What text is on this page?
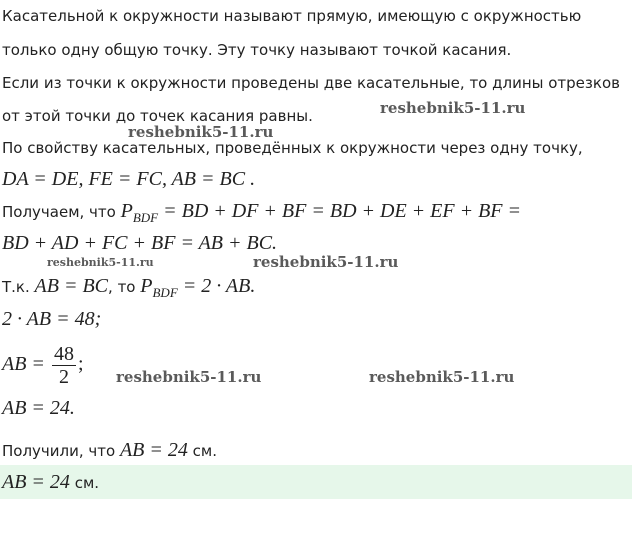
Касательной к окружности называют прямую, имеющую с окружностью
только одну общую точку. Эту точку называют точкой касания.
Если из точки к окружности проведены две касательные, то длины отрезков
от этой точки до точек касания равны.
По свойству касательных, проведённых к окружности через одну точку,
DA = DE, FE = FC, AB = BC .
Получаем, что PBDF = BD + DF + BF = BD + DE + EF + BF =
BD + AD + FC + BF = AB + BC.
Т.к. AB = BC, то PBDF = 2 · AB.
2 · AB = 48;
AB = $\frac{48}{2}$ ;
AB = 24.
Получили, что AB = 24 см.
AB = 24 см.
reshebnik5-11.ru
reshebnik5-11.ru
reshebnik5-11.ru	reshebnik5-11.ru
reshebnik5-11.ru	reshebnik5-11.ru
